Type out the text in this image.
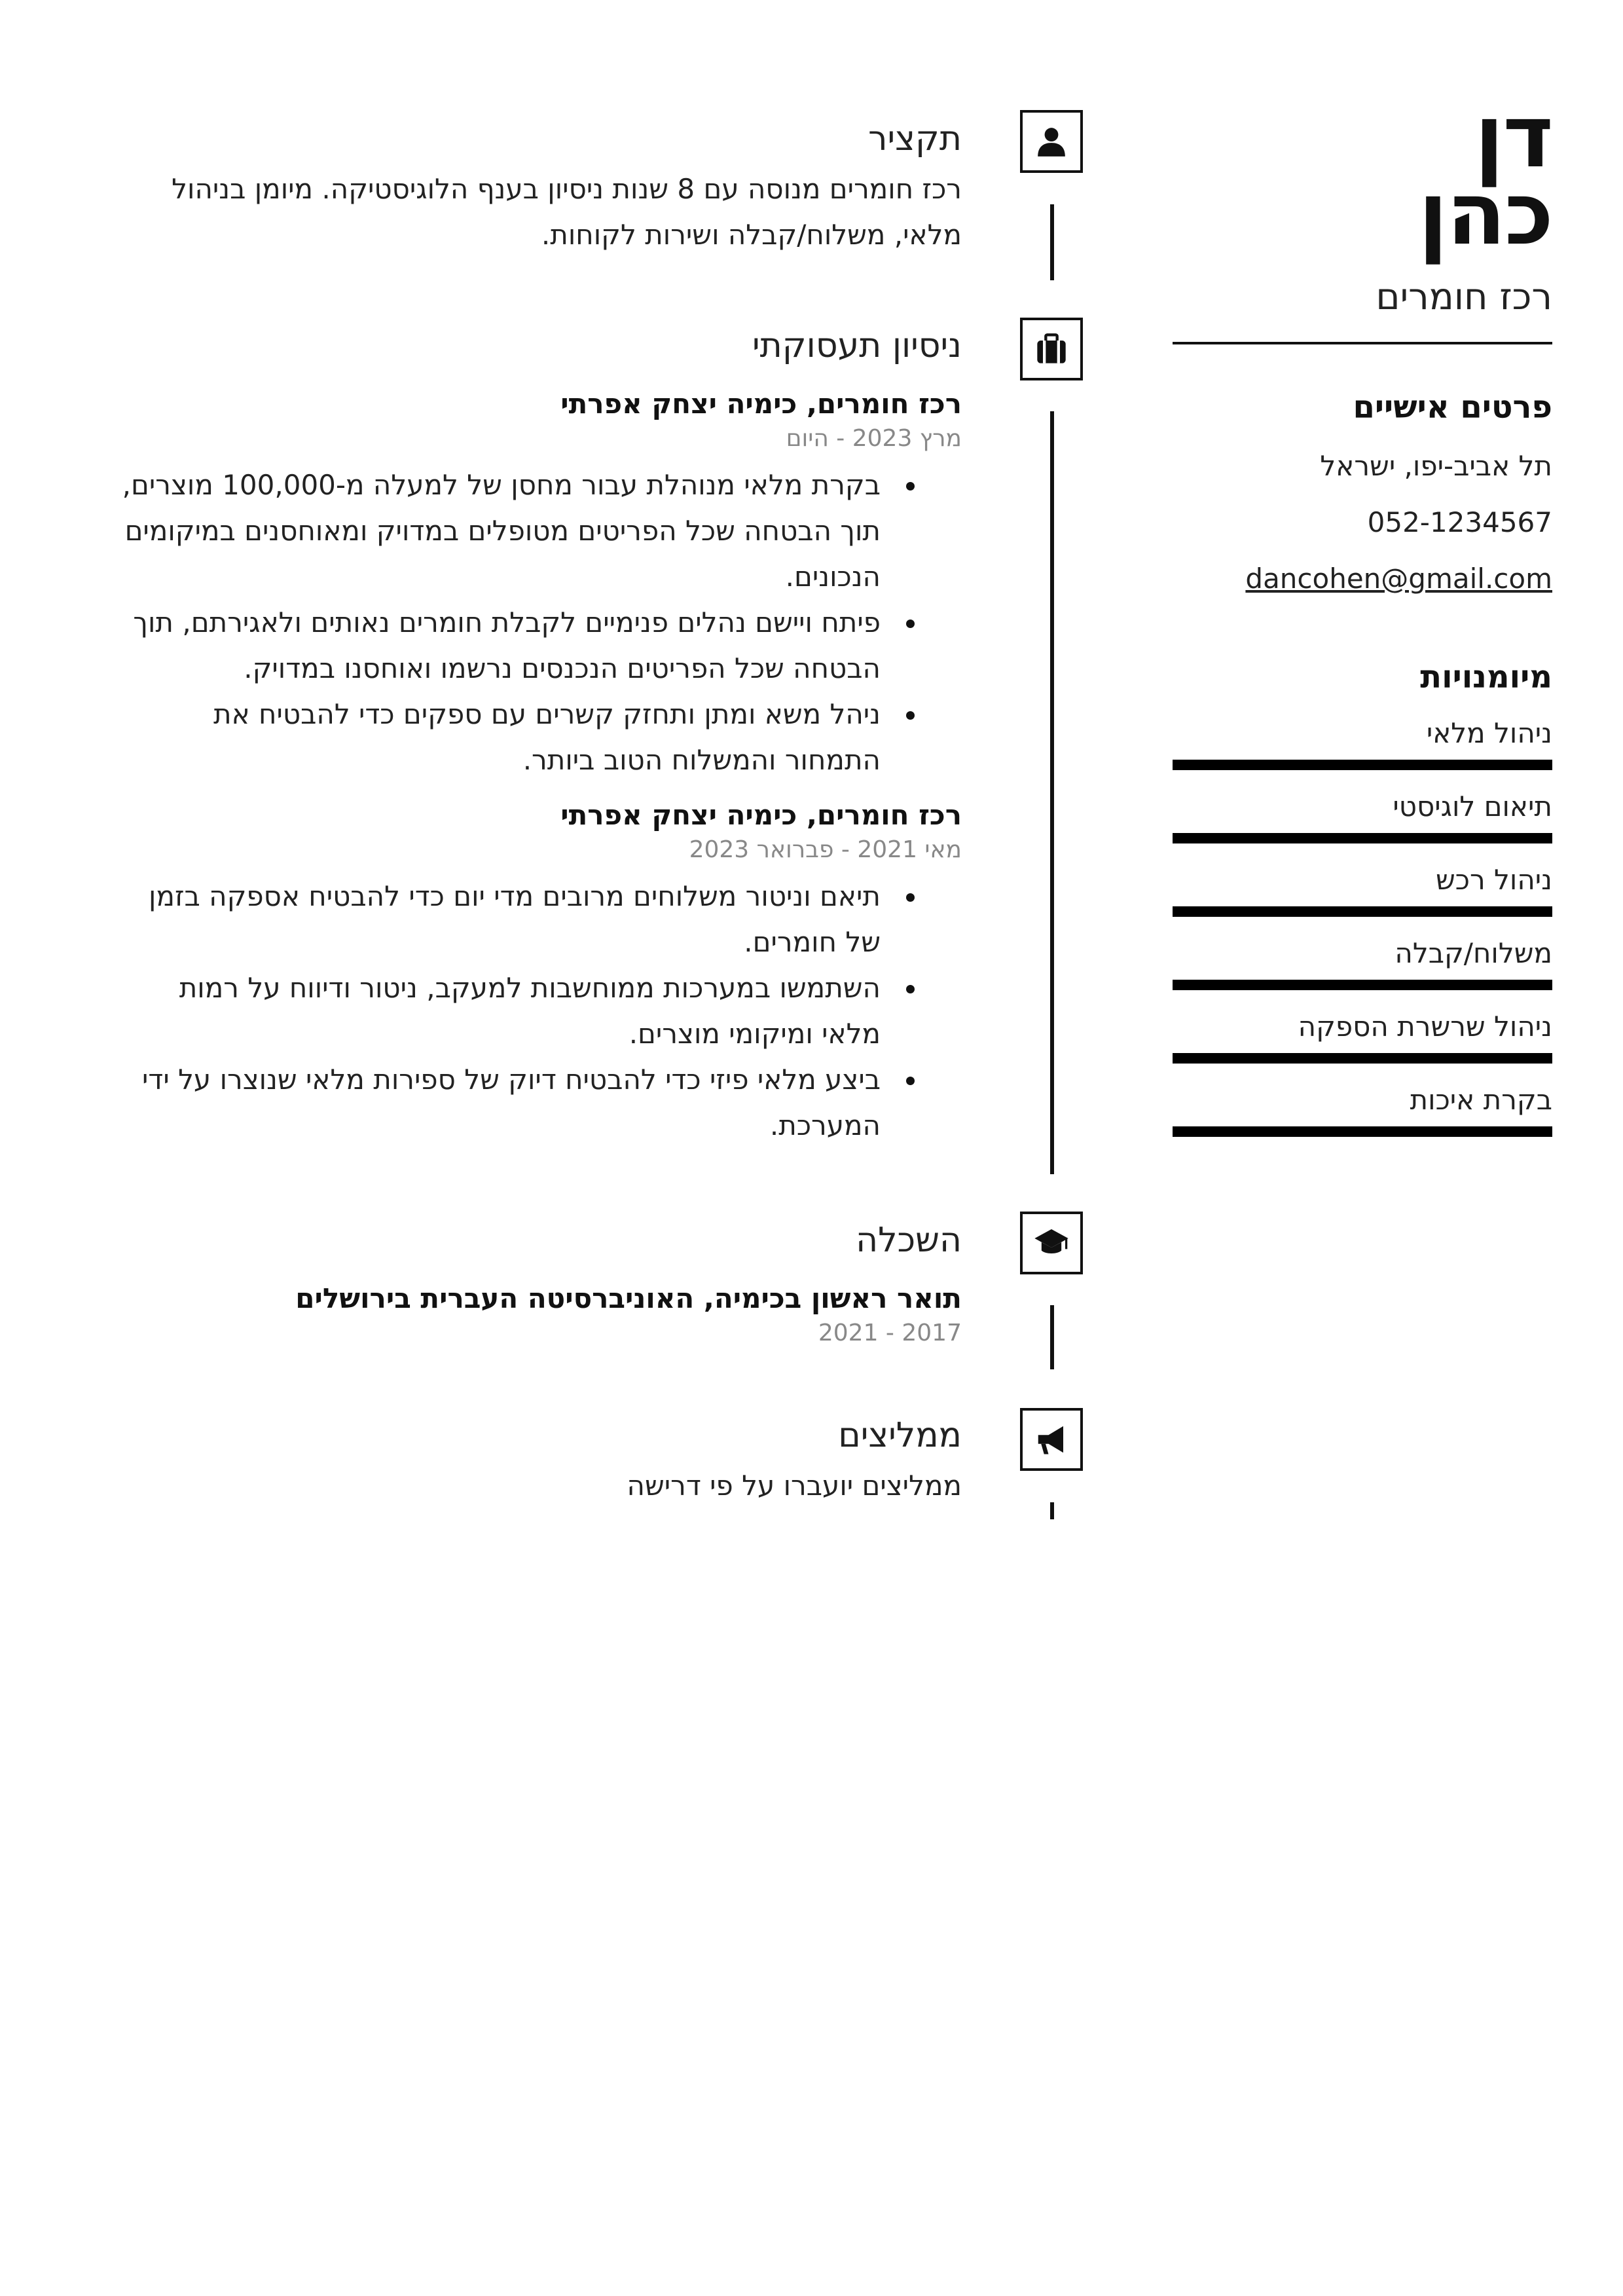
דן
כהן
רכז חומרים
פרטים אישיים
תל אביב-יפו, ישראל
052-1234567
dancohen@gmail.com
מיומנויות
ניהול מלאי
תיאום לוגיסטי
ניהול רכש
משלוח/קבלה
ניהול שרשרת הספקה
בקרת איכות
תקציר
רכז חומרים מנוסה עם 8 שנות ניסיון בענף הלוגיסטיקה. מיומן בניהול מלאי, משלוח/קבלה ושירות לקוחות.
ניסיון תעסוקתי
רכז חומרים, כימיה יצחק אפרתי
מרץ 2023 - היום
בקרת מלאי מנוהלת עבור מחסן של למעלה מ-100,000 מוצרים, תוך הבטחה שכל הפריטים מטופלים במדויק ומאוחסנים במיקומים הנכונים.
פיתח ויישם נהלים פנימיים לקבלת חומרים נאותים ולאגירתם, תוך הבטחה שכל הפריטים הנכנסים נרשמו ואוחסנו במדויק.
ניהל משא ומתן ותחזק קשרים עם ספקים כדי להבטיח את התמחור והמשלוח הטוב ביותר.
רכז חומרים, כימיה יצחק אפרתי
מאי 2021 - פברואר 2023
תיאם וניטור משלוחים מרובים מדי יום כדי להבטיח אספקה בזמן של חומרים.
השתמשו במערכות ממוחשבות למעקב, ניטור ודיווח על רמות מלאי ומיקומי מוצרים.
ביצע מלאי פיזי כדי להבטיח דיוק של ספירות מלאי שנוצרו על ידי המערכת.
השכלה
תואר ראשון בכימיה, האוניברסיטה העברית בירושלים
2017 - 2021
ממליצים
ממליצים יועברו על פי דרישה
